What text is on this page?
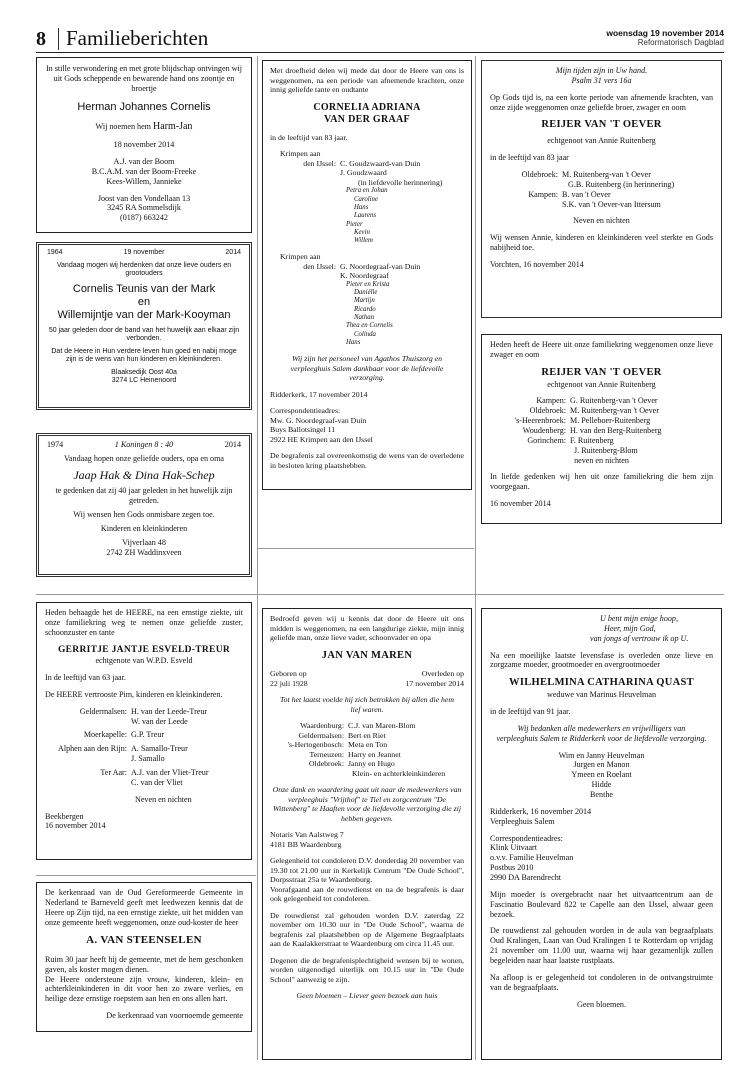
8 Familieberichten	woensdag 19 november 2014
Reformatorisch Dagblad

In stille verwondering en met grote blijdschap ontvingen wij uit Gods scheppende en bewarende hand ons zoontje en broertje

Herman Johannes Cornelis

Wij noemen hem Harm-Jan

18 november 2014

A.J. van der Boom

B.C.A.M. van der Boom-Freeke

Kees-Willem, Jannieke

Joost van den Vondellaan 13

3245 RA Sommelsdijk

(0187) 663242

1964	19 november	2014

Vandaag mogen wij herdenken dat onze lieve ouders en grootouders

Cornelis Teunis van der Mark

en

Willemijntje van der Mark-Kooyman

50 jaar geleden door de band van het huwelijk aan elkaar zijn verbonden.

Dat de Heere in Hun verdere leven hun goed en nabij moge zijn is de wens van hun kinderen en kleinkinderen.

Blaaksedijk Oost 40a

3274 LC Heinenoord

1974	1 Koningen 8 : 40	2014

Vandaag hopen onze geliefde ouders, opa en oma

Jaap Hak & Dina Hak-Schep

te gedenken dat zij 40 jaar geleden in het huwelijk zijn getreden.

Wij wensen hen Gods onmisbare zegen toe.

Kinderen en kleinkinderen

Vijverlaan 48

2742 ZH Waddinxveen

Met droefheid delen wij mede dat door de Heere van ons is weggenomen, na een periode van afnemende krachten, onze innig geliefde tante en oudtante

CORNELIA ADRIANA

VAN DER GRAAF

in de leeftijd van 83 jaar.

Krimpen aan

den IJssel: C. Goudzwaard-van Duin

J. Goudzwaard

(in liefdevolle herinnering)

Petra en Johan

Caroline

Hans

Laurens

Pieter

Kevin

Willem

Krimpen aan

den IJssel: G. Noordegraaf-van Duin

K. Noordegraaf

Pieter en Krista

Daniëlle

Martijn

Ricardo

Nathan

Thea en Cornelis

Colinda

Hans

Wij zijn het personeel van Agathos Thuiszorg en verpleeghuis Salem dankbaar voor de liefdevolle verzorging.

Ridderkerk, 17 november 2014

Correspondentieadres:

Mw. G. Noordegraaf-van Duin

Buys Ballotsingel 11

2922 HE Krimpen aan den IJssel

De begrafenis zal overeenkomstig de wens van de overledene in besloten kring plaatshebben.

Mijn tijden zijn in Uw hand.

Psalm 31 vers 16a

Op Gods tijd is, na een korte periode van afnemende krachten, van onze zijde weggenomen onze geliefde broer, zwager en oom

REIJER VAN 'T OEVER

echtgenoot van Annie Ruitenberg

in de leeftijd van 83 jaar

Oldebroek: M. Ruitenberg-van 't Oever

G.B. Ruitenberg (in herinnering)

Kampen: B. van 't Oever

S.K. van 't Oever-van Ittersum

Neven en nichten

Wij wensen Annie, kinderen en kleinkinderen veel sterkte en Gods nabijheid toe.

Vorchten, 16 november 2014

Heden heeft de Heere uit onze familiekring weggenomen onze lieve zwager en oom

REIJER VAN 'T OEVER

echtgenoot van Annie Ruitenberg

Kampen: G. Ruitenberg-van 't Oever

Oldebroek: M. Ruitenberg-van 't Oever

's-Heerenbroek: M. Pelleboer-Ruitenberg

Woudenberg: H. van den Berg-Ruitenberg

Gorinchem: F. Ruitenberg

J. Ruitenberg-Blom

neven en nichten

In liefde gedenken wij hen uit onze familiekring die hem zijn voorgegaan.

16 november 2014

Heden behaagde het de HEERE, na een ernstige ziekte, uit onze familiekring weg te nemen onze geliefde zuster, schoonzuster en tante

GERRITJE JANTJE ESVELD-TREUR

echtgenote van W.P.D. Esveld

In de leeftijd van 63 jaar.

De HEERE vertrooste Pim, kinderen en kleinkinderen.

Geldermalsen: H. van der Leede-Treur

W. van der Leede

Moerkapelle: G.P. Treur

Alphen aan den Rijn: A. Samallo-Treur

J. Samallo

Ter Aar: A.J. van der Vliet-Treur

C. van der Vliet

Neven en nichten

Beekbergen

16 november 2014

Bedroefd geven wij u kennis dat door de Heere uit ons midden is weggenomen, na een langdurige ziekte, mijn innig geliefde man, onze lieve vader, schoonvader en opa

JAN VAN MAREN

Geboren op

22 juli 1928

Overleden op

17 november 2014

Tot het laatst voelde hij zich betrokken bij allen die hem lief waren.

Waardenburg: C.J. van Maren-Blom
Geldermalsen: Bert en Riet
's-Hertogenbosch: Meta en Ton
Terneuzen: Harry en Jeannet
Oldebroek: Janny en Hugo

Klein- en achterkleinkinderen

Onze dank en waardering gaat uit naar de medewerkers van verpleeghuis "Vrijthof" te Tiel en zorgcentrum "De Wittenberg" te Haaften voor de liefdevolle verzorging die zij hebben gegeven.

Notaris Van Aalstweg 7

4181 BB Waardenburg

Gelegenheid tot condoleren D.V. donderdag 20 november van 19.30 tot 21.00 uur in Kerkelijk Centrum "De Oude School", Dorpsstraat 25a te Waardenburg.

Voorafgaand aan de rouwdienst en na de begrafenis is daar ook gelegenheid tot condoleren.

De rouwdienst zal gehouden worden D.V. zaterdag 22 november om 10.30 uur in "De Oude School", waarna de begrafenis zal plaatshebben op de Algemene Begraafplaats aan de Kaalakkerstraat te Waardenburg om circa 11.45 uur.

Degenen die de begrafenisplechtigheid wensen bij te wonen, worden uitgenodigd uiterlijk om 10.15 uur in "De Oude School" aanwezig te zijn.

Geen bloemen – Liever geen bezoek aan huis

U bent mijn enige hoop,

Heer, mijn God,

van jongs af vertrouw ik op U.

Na een moeilijke laatste levensfase is overleden onze lieve en zorgzame moeder, grootmoeder en overgrootmoeder

WILHELMINA CATHARINA QUAST

weduwe van Marinus Heuvelman

in de leeftijd van 91 jaar.

Wij bedanken alle medewerkers en vrijwilligers van verpleeghuis Salem te Ridderkerk voor de liefdevolle verzorging.

Wim en Janny Heuvelman

Jurgen en Manon

Ymeen en Roelant

Hidde

Benthe

Ridderkerk, 16 november 2014

Verpleeghuis Salem

Correspondentieadres:

Klink Uitvaart

o.v.v. Familie Heuvelman

Postbus 2010

2990 DA Barendrecht

Mijn moeder is overgebracht naar het uitvaartcentrum aan de Fascinatio Boulevard 822 te Capelle aan den IJssel, alwaar geen bezoek.

De rouwdienst zal gehouden worden in de aula van begraafplaats Oud Kralingen, Laan van Oud Kralingen 1 te Rotterdam op vrijdag 21 november om 11.00 uur, waarna wij haar gezamenlijk zullen begeleiden naar haar laatste rustplaats.

Na afloop is er gelegenheid tot condoleren in de ontvangstruimte van de begraafplaats.

Geen bloemen.

De kerkenraad van de Oud Gereformeerde Gemeente in Nederland te Barneveld geeft met leedwezen kennis dat de Heere op Zijn tijd, na een ernstige ziekte, uit het midden van onze gemeente heeft weggenomen, onze oud-koster de heer

A. VAN STEENSELEN

Ruim 30 jaar heeft hij de gemeente, met de hem geschonken gaven, als koster mogen dienen.

De Heere ondersteune zijn vrouw, kinderen, klein- en achterkleinkinderen in dit voor hen zo zware verlies, en heilige deze ernstige roepstem aan hen en ons allen hart.

De kerkenraad van voornoemde gemeente
